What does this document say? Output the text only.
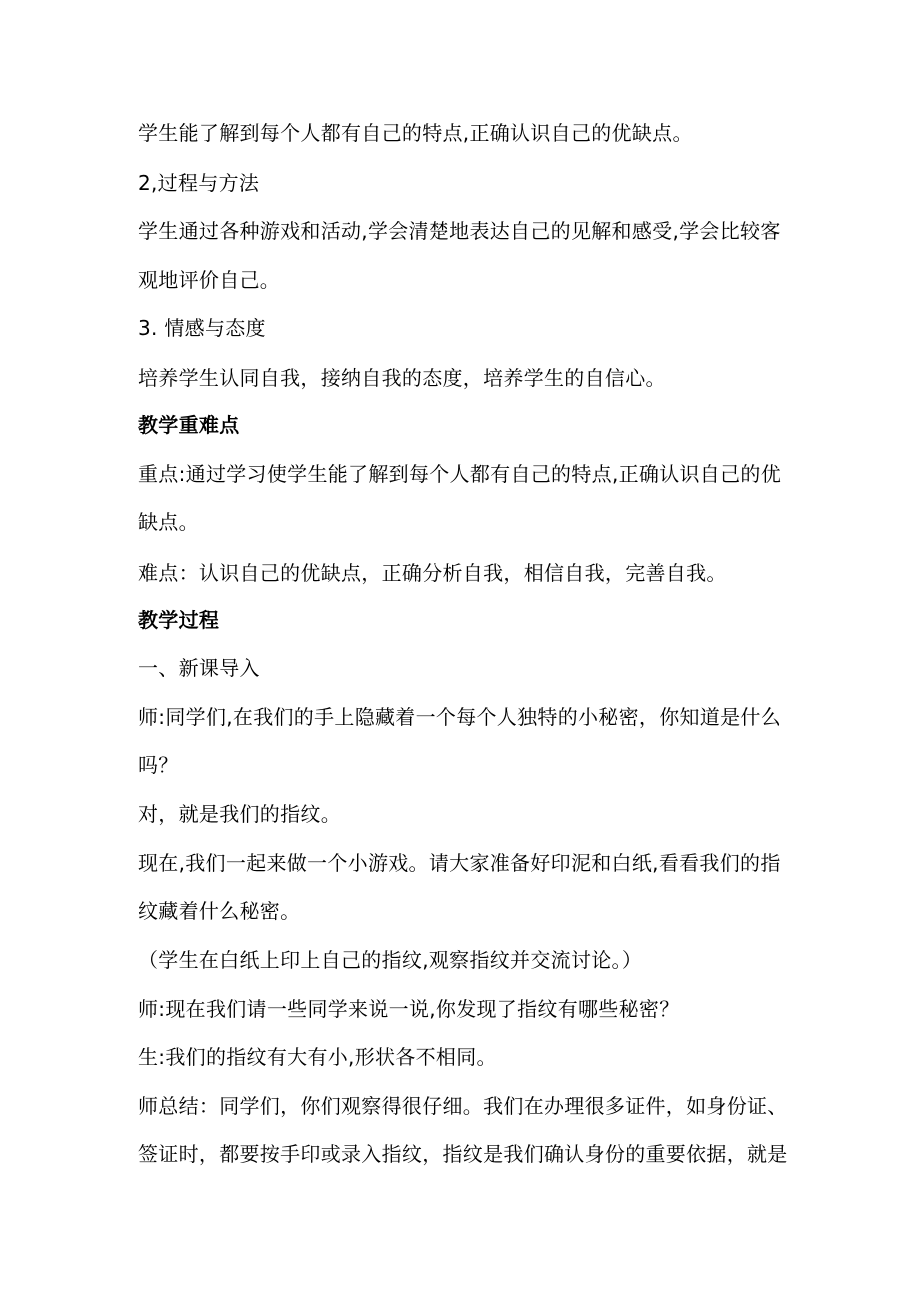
学生能了解到每个人都有自己的特点,正确认识自己的优缺点。

2,过程与方法

学生通过各种游戏和活动,学会清楚地表达自己的见解和感受,学会比较客

观地评价自己。

3. 情感与态度

培养学生认同自我，接纳自我的态度，培养学生的自信心。

教学重难点

重点:通过学习使学生能了解到每个人都有自己的特点,正确认识自己的优

缺点。

难点：认识自己的优缺点，正确分析自我，相信自我，完善自我。

教学过程

一、新课导入

师:同学们,在我们的手上隐藏着一个每个人独特的小秘密，你知道是什么

吗？

对，就是我们的指纹。

现在,我们一起来做一个小游戏。请大家准备好印泥和白纸,看看我们的指

纹藏着什么秘密。

（学生在白纸上印上自己的指纹,观察指纹并交流讨论。）

师:现在我们请一些同学来说一说,你发现了指纹有哪些秘密？

生:我们的指纹有大有小,形状各不相同。

师总结：同学们，你们观察得很仔细。我们在办理很多证件，如身份证、

签证时，都要按手印或录入指纹，指纹是我们确认身份的重要依据，就是
